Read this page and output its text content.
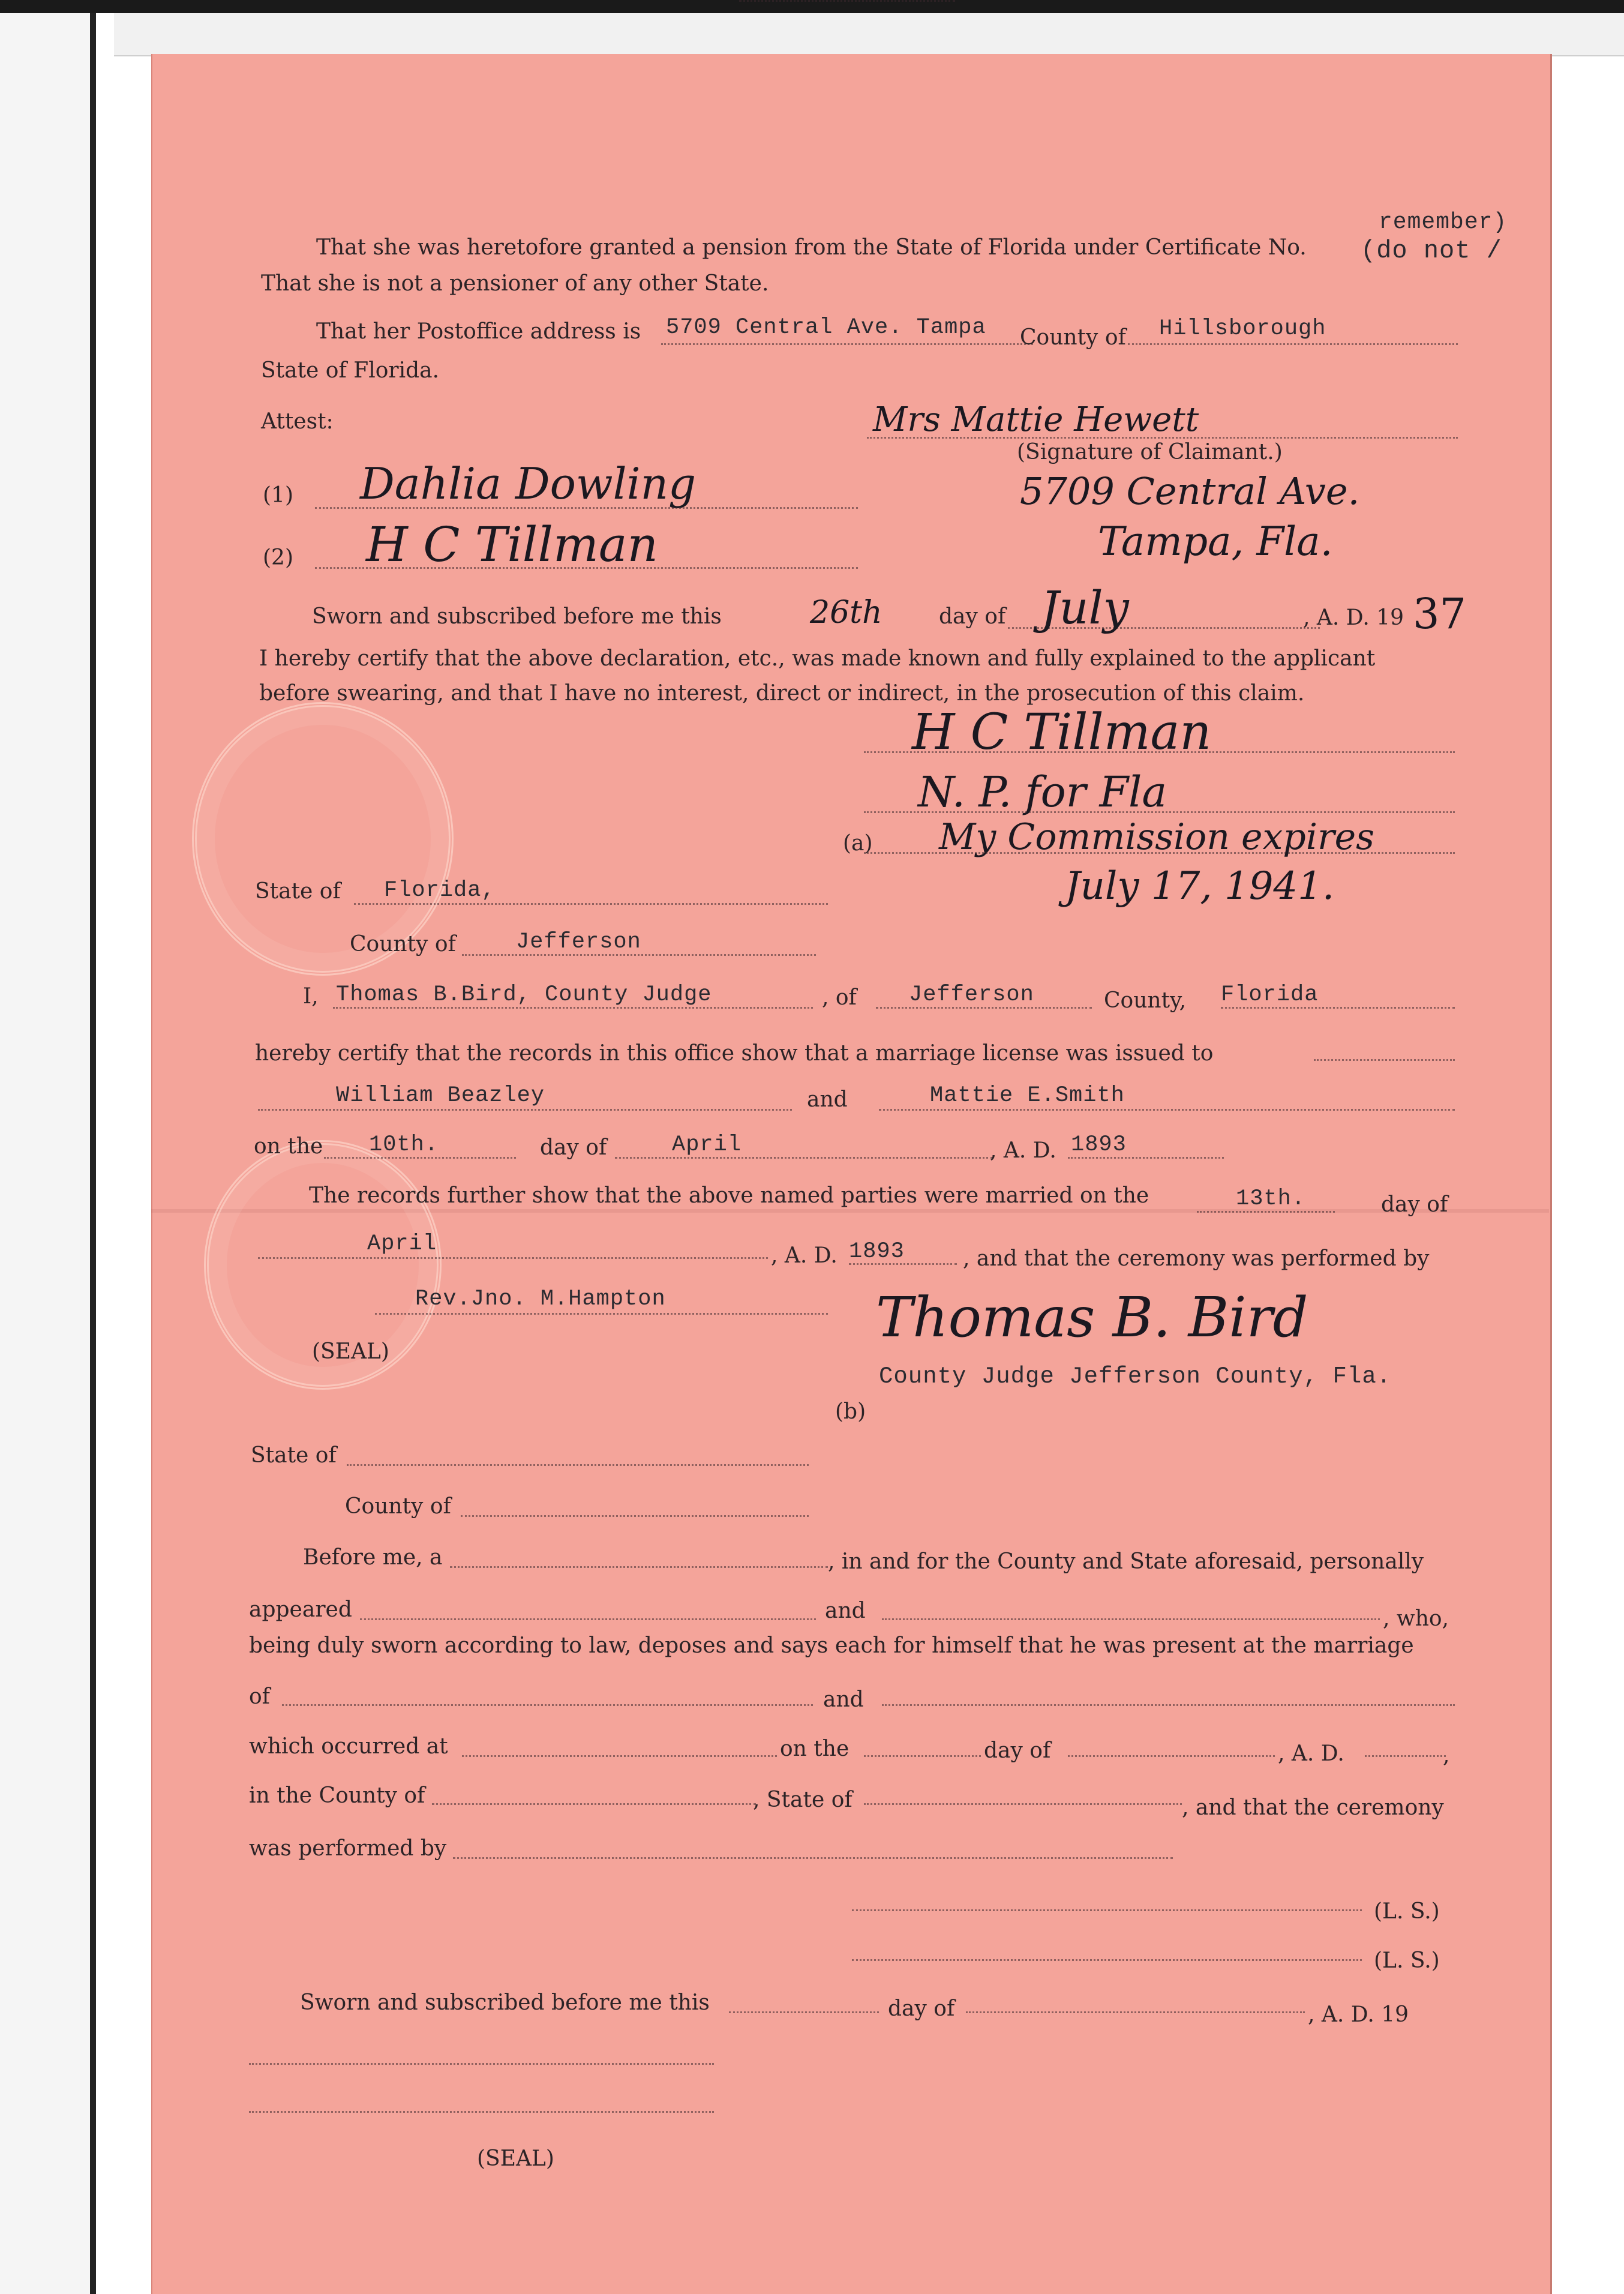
remember)
That she was heretofore granted a pension from the State of Florida under Certificate No. (do not /
That she is not a pensioner of any other State.
That her Postoffice address is 5709 Central Ave. Tampa County of Hillsborough
State of Florida.
Attest:	Mrs Mattie Hewett
(Signature of Claimant.)
(1) Dahlia Dowling	5709 Central Ave.
(2) H C Tillman	Tampa, Fla.
Sworn and subscribed before me this	26th	day of July	, A. D. 19 37
I hereby certify that the above declaration, etc., was made known and fully explained to the applicant
before swearing, and that I have no interest, direct or indirect, in the prosecution of this claim.
H C Tillman
N. P. for Fla
(a) My Commission expires
July 17, 1941.
State of Florida,
County of	Jefferson
I, Thomas B.Bird, County Judge	, of Jefferson	County, Florida
hereby certify that the records in this office show that a marriage license was issued to
William Beazley	and	Mattie E.Smith
on the 10th.	day of	April	, A. D. 1893
The records further show that the above named parties were married on the	13th.	day of
April	, A. D. 1893	, and that the ceremony was performed by
Rev.Jno. M.Hampton
(SEAL)
Thomas B. Bird
County Judge Jefferson County, Fla.
(b)
State of
County of
Before me, a	, in and for the County and State aforesaid, personally
appeared	and	, who,
being duly sworn according to law, deposes and says each for himself that he was present at the marriage
of	and
which occurred at	on the	day of	, A. D.	,
in the County of	, State of	, and that the ceremony
was performed by
(L. S.)
(L. S.)
Sworn and subscribed before me this	day of	, A. D. 19
(SEAL)
